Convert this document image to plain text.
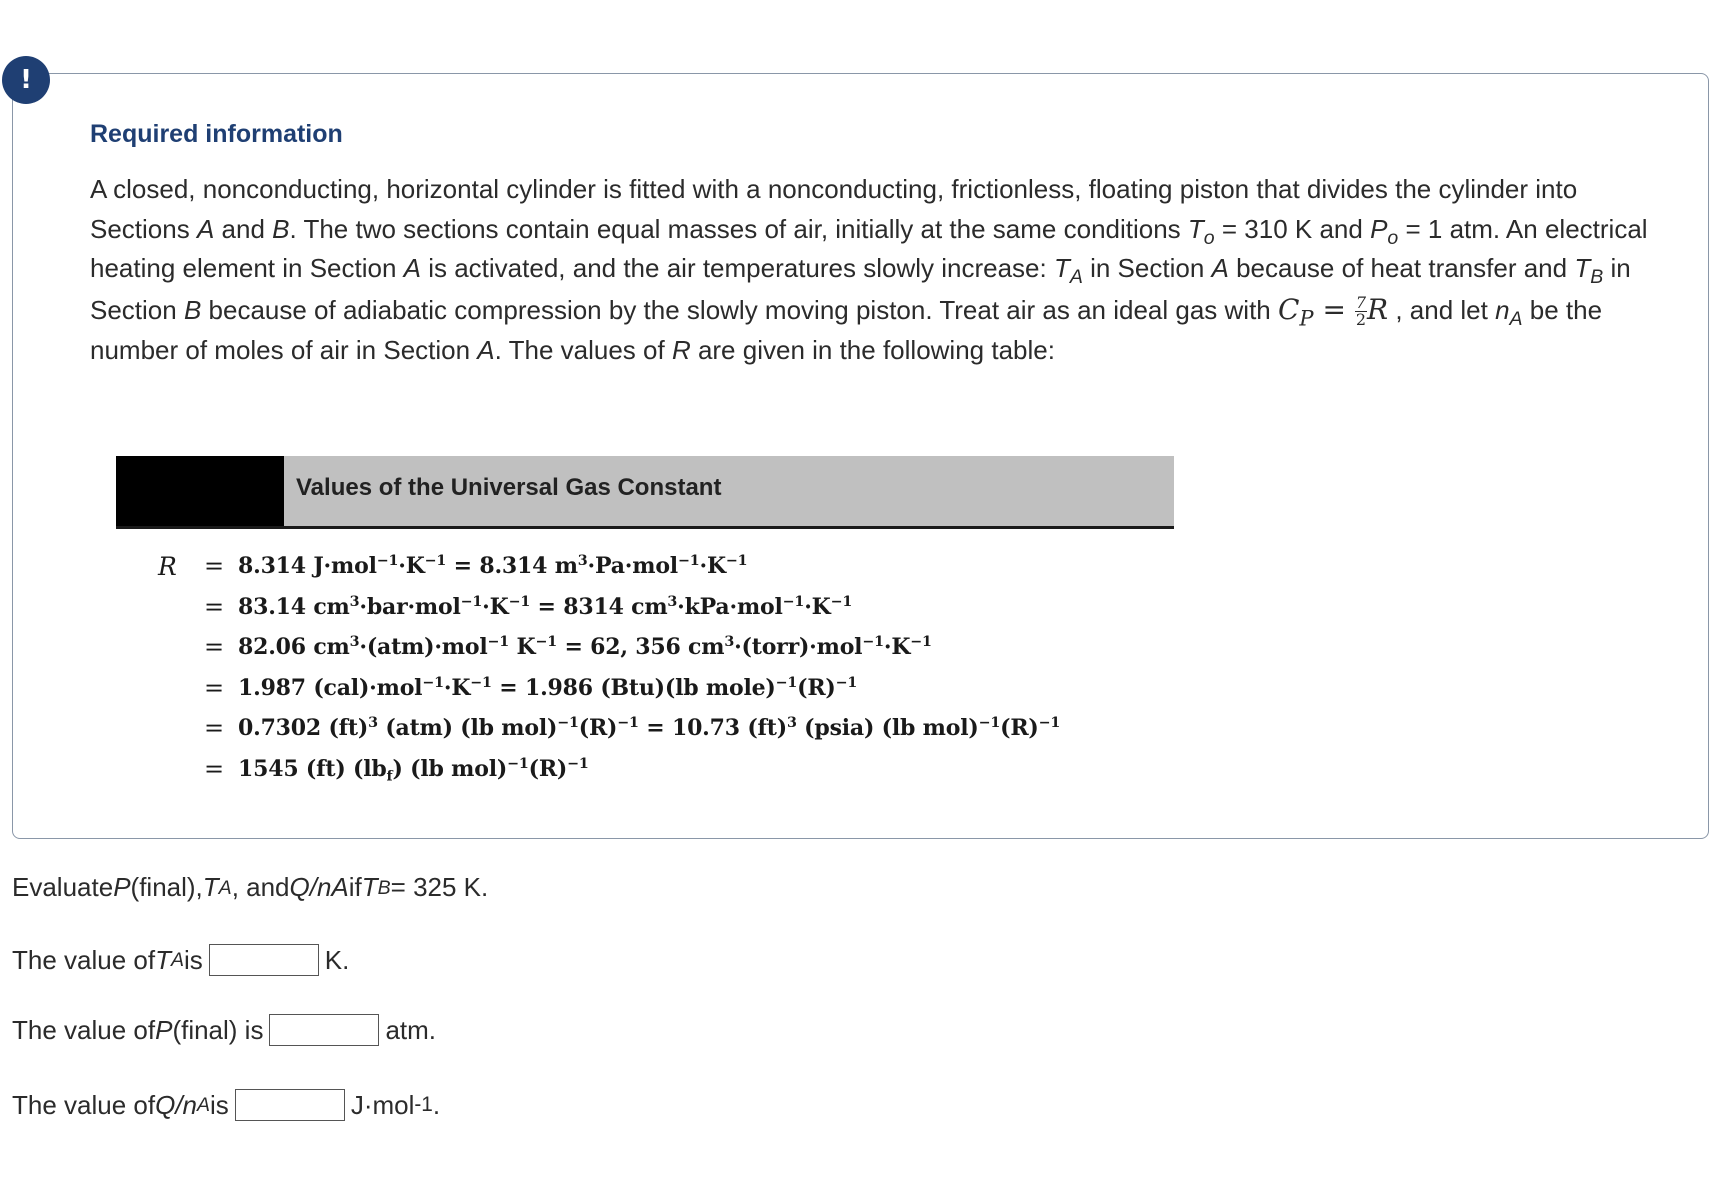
!
Required information

A closed, nonconducting, horizontal cylinder is fitted with a nonconducting, frictionless, floating piston that divides the cylinder into Sections A and B. The two sections contain equal masses of air, initially at the same conditions $T_o = 310$ K and $P_o = 1$ atm. An electrical heating element in Section A is activated, and the air temperatures slowly increase: $T_A$ in Section A because of heat transfer and $T_B$ in Section B because of adiabatic compression by the slowly moving piston. Treat air as an ideal gas with $C_P = \frac{7}{2}$ R , and let $n_A$ be the number of moles of air in Section A. The values of R are given in the following table:

Values of the Universal Gas Constant
R	= 8.314 $J\cdot mol^{-1}\cdot K^{-1} = 8.314$ $m^3\cdot Pa\cdot mol^{-1}\cdot K^{-1}$
= 83.14 $cm^3\cdot bar\cdot mol^{-1}\cdot K^{-1} = 8314$ $cm^3\cdot kPa\cdot mol^{-1}\cdot K^{-1}$
= 82.06 $cm^3\cdot(atm)\cdot mol^{-1}$ $K^{-1} = 62$, 356 $cm^3\cdot(torr)\cdot mol^{-1}\cdot K^{-1}$
= 1.987 $(cal)\cdot mol^{-1}\cdot K^{-1} = 1.986$ (Btu)(lb $mole)^{-1}(R)^{-1}$
= 0.7302 (ft)$^3$ (atm) (lb $mol)^{-1}(R)^{-1} = 10.73$ (ft)$^3$ (psia) (lb $mol)^{-1}(R)^{-1}$
= 1545 (ft) $(lb_f)$ (lb $mol)^{-1}(R)^{-1}$
Evaluate P (final), T A , and Q/nA if T B = 325 K.
The value of T A is	K.
The value of P (final) is	atm.
The value of Q /n A is	J·mol -1 .
